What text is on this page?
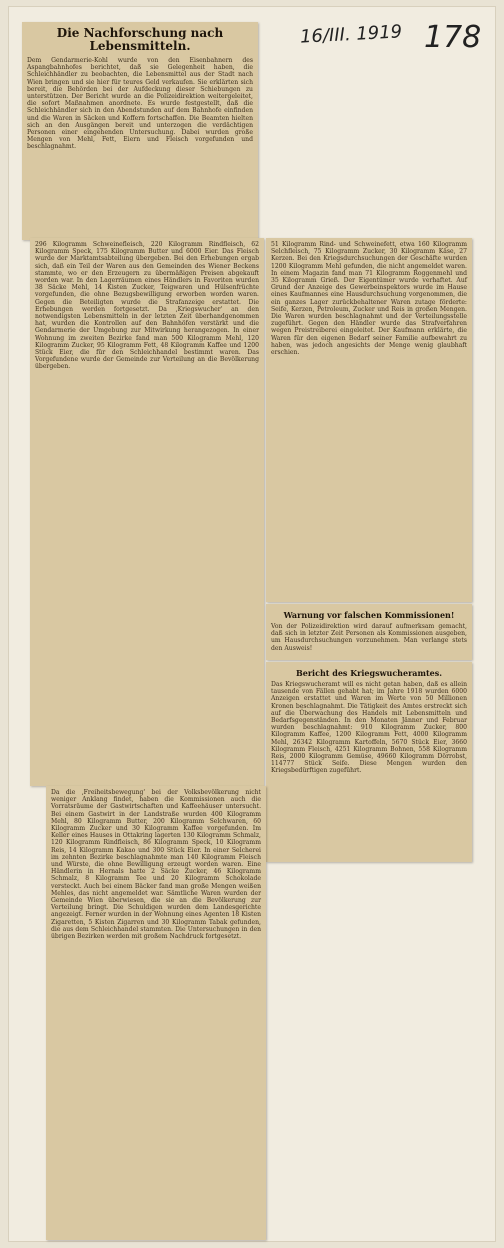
16/III. 1919 178
Die Nachforschung nach Lebensmitteln.

Dem Gendarmerie-Kohl wurde von den Eisenbahnern des Aspangbahnhofes berichtet, daß sie Gelegenheit haben, die Schleichhändler zu beobachten, die Lebensmittel aus der Stadt nach Wien bringen und sie hier für teures Geld verkaufen. Sie erklärten sich bereit, die Behörden bei der Aufdeckung dieser Schiebungen zu unterstützen. Der Bericht wurde an die Polizeidirektion weitergeleitet, die sofort Maßnahmen anordnete. Es wurde festgestellt, daß die Schleichhändler sich in den Abendstunden auf dem Bahnhofe einfinden und die Waren in Säcken und Koffern fortschaffen. Die Beamten hielten sich an den Ausgängen bereit und unterzogen die verdächtigen Personen einer eingehenden Untersuchung. Dabei wurden große Mengen von Mehl, Fett, Eiern und Fleisch vorgefunden und beschlagnahmt.

296 Kilogramm Schweinefleisch, 220 Kilogramm Rindfleisch, 62 Kilogramm Speck, 175 Kilogramm Butter und 6000 Eier. Das Fleisch wurde der Marktamtsabteilung übergeben. Bei den Erhebungen ergab sich, daß ein Teil der Waren aus den Gemeinden des Wiener Beckens stammte, wo er den Erzeugern zu übermäßigen Preisen abgekauft worden war. In den Lagerräumen eines Händlers in Favoriten wurden 38 Säcke Mehl, 14 Kisten Zucker, Teigwaren und Hülsenfrüchte vorgefunden, die ohne Bezugsbewilligung erworben worden waren. Gegen die Beteiligten wurde die Strafanzeige erstattet. Die Erhebungen werden fortgesetzt. Da ,Kriegswucher' an den notwendigsten Lebensmitteln in der letzten Zeit überhandgenommen hat, wurden die Kontrollen auf den Bahnhöfen verstärkt und die Gendarmerie der Umgebung zur Mitwirkung herangezogen. In einer Wohnung im zweiten Bezirke fand man 500 Kilogramm Mehl, 120 Kilogramm Zucker, 95 Kilogramm Fett, 48 Kilogramm Kaffee und 1200 Stück Eier, die für den Schleichhandel bestimmt waren. Das Vorgefundene wurde der Gemeinde zur Verteilung an die Bevölkerung übergeben.

51 Kilogramm Rind- und Schweinefett, etwa 160 Kilogramm Selchfleisch, 75 Kilogramm Zucker, 30 Kilogramm Käse, 27 Kerzen. Bei den Kriegsdurchsuchungen der Geschäfte wurden 1200 Kilogramm Mehl gefunden, die nicht angemeldet waren. In einem Magazin fand man 71 Kilogramm Roggenmehl und 35 Kilogramm Grieß. Der Eigentümer wurde verhaftet. Auf Grund der Anzeige des Gewerbeinspektors wurde im Hause eines Kaufmannes eine Hausdurchsuchung vorgenommen, die ein ganzes Lager zurückbehaltener Waren zutage förderte: Seife, Kerzen, Petroleum, Zucker und Reis in großen Mengen. Die Waren wurden beschlagnahmt und der Verteilungsstelle zugeführt. Gegen den Händler wurde das Strafverfahren wegen Preistreiberei eingeleitet. Der Kaufmann erklärte, die Waren für den eigenen Bedarf seiner Familie aufbewahrt zu haben, was jedoch angesichts der Menge wenig glaubhaft erschien.

Warnung vor falschen Kommissionen!

Von der Polizeidirektion wird darauf aufmerksam gemacht, daß sich in letzter Zeit Personen als Kommissionen ausgeben, um Hausdurchsuchungen vorzunehmen. Man verlange stets den Ausweis!

Bericht des Kriegswucheramtes.

Das Kriegswucheramt will es nicht getan haben, daß es allein tausende von Fällen gehabt hat; im Jahre 1918 wurden 6000 Anzeigen erstattet und Waren im Werte von 50 Millionen Kronen beschlagnahmt. Die Tätigkeit des Amtes erstreckt sich auf die Überwachung des Handels mit Lebensmitteln und Bedarfsgegenständen. In den Monaten Jänner und Februar wurden beschlagnahmt: 910 Kilogramm Zucker, 800 Kilogramm Kaffee, 1200 Kilogramm Fett, 4000 Kilogramm Mehl, 26342 Kilogramm Kartoffeln, 5670 Stück Eier, 3660 Kilogramm Fleisch, 4251 Kilogramm Bohnen, 558 Kilogramm Reis, 2000 Kilogramm Gemüse, 49660 Kilogramm Dörrobst, 114777 Stück Seife. Diese Mengen wurden den Kriegsbedürftigen zugeführt.

Da die ,Freiheitsbewegung' bei der Volksbevölkerung nicht weniger Anklang findet, haben die Kommissionen auch die Vorratsräume der Gastwirtschaften und Kaffeehäuser untersucht. Bei einem Gastwirt in der Landstraße wurden 400 Kilogramm Mehl, 80 Kilogramm Butter, 200 Kilogramm Selchwaren, 60 Kilogramm Zucker und 30 Kilogramm Kaffee vorgefunden. Im Keller eines Hauses in Ottakring lagerten 130 Kilogramm Schmalz, 120 Kilogramm Rindfleisch, 86 Kilogramm Speck, 10 Kilogramm Reis, 14 Kilogramm Kakao und 300 Stück Eier. In einer Selcherei im zehnten Bezirke beschlagnahmte man 140 Kilogramm Fleisch und Würste, die ohne Bewilligung erzeugt worden waren. Eine Händlerin in Hernals hatte 2 Säcke Zucker, 46 Kilogramm Schmalz, 8 Kilogramm Tee und 20 Kilogramm Schokolade versteckt. Auch bei einem Bäcker fand man große Mengen weißen Mehles, das nicht angemeldet war. Sämtliche Waren wurden der Gemeinde Wien überwiesen, die sie an die Bevölkerung zur Verteilung bringt. Die Schuldigen wurden dem Landesgerichte angezeigt. Ferner wurden in der Wohnung eines Agenten 18 Kisten Zigaretten, 5 Kisten Zigarren und 30 Kilogramm Tabak gefunden, die aus dem Schleichhandel stammten. Die Untersuchungen in den übrigen Bezirken werden mit großem Nachdruck fortgesetzt.
